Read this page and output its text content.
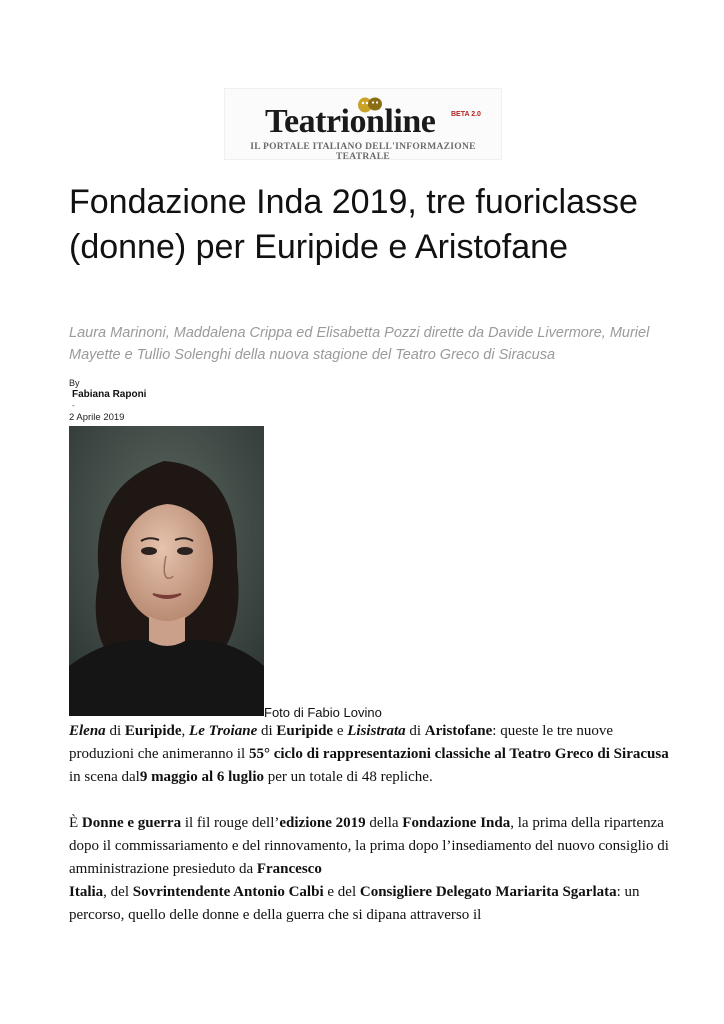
Teatrionline BETA 2.0
IL PORTALE ITALIANO DELL'INFORMAZIONE TEATRALE
Fondazione Inda 2019, tre fuoriclasse (donne) per Euripide e Aristofane
Laura Marinoni, Maddalena Crippa ed Elisabetta Pozzi dirette da Davide Livermore, Muriel Mayette e Tullio Solenghi della nuova stagione del Teatro Greco di Siracusa
By
Fabiana Raponi
-
2 Aprile 2019
Foto di Fabio Lovino

Elena di Euripide, Le Troiane di Euripide e Lisistrata di Aristofane: queste le tre nuove produzioni che animeranno il 55° ciclo di rappresentazioni classiche al Teatro Greco di Siracusa in scena dal9 maggio al 6 luglio per un totale di 48 repliche.

È Donne e guerra il fil rouge dell’edizione 2019 della Fondazione Inda, la prima della ripartenza dopo il commissariamento e del rinnovamento, la prima dopo l’insediamento del nuovo consiglio di amministrazione presieduto da Francesco
Italia, del Sovrintendente Antonio Calbi e del Consigliere Delegato Mariarita Sgarlata: un percorso, quello delle donne e della guerra che si dipana attraverso il
